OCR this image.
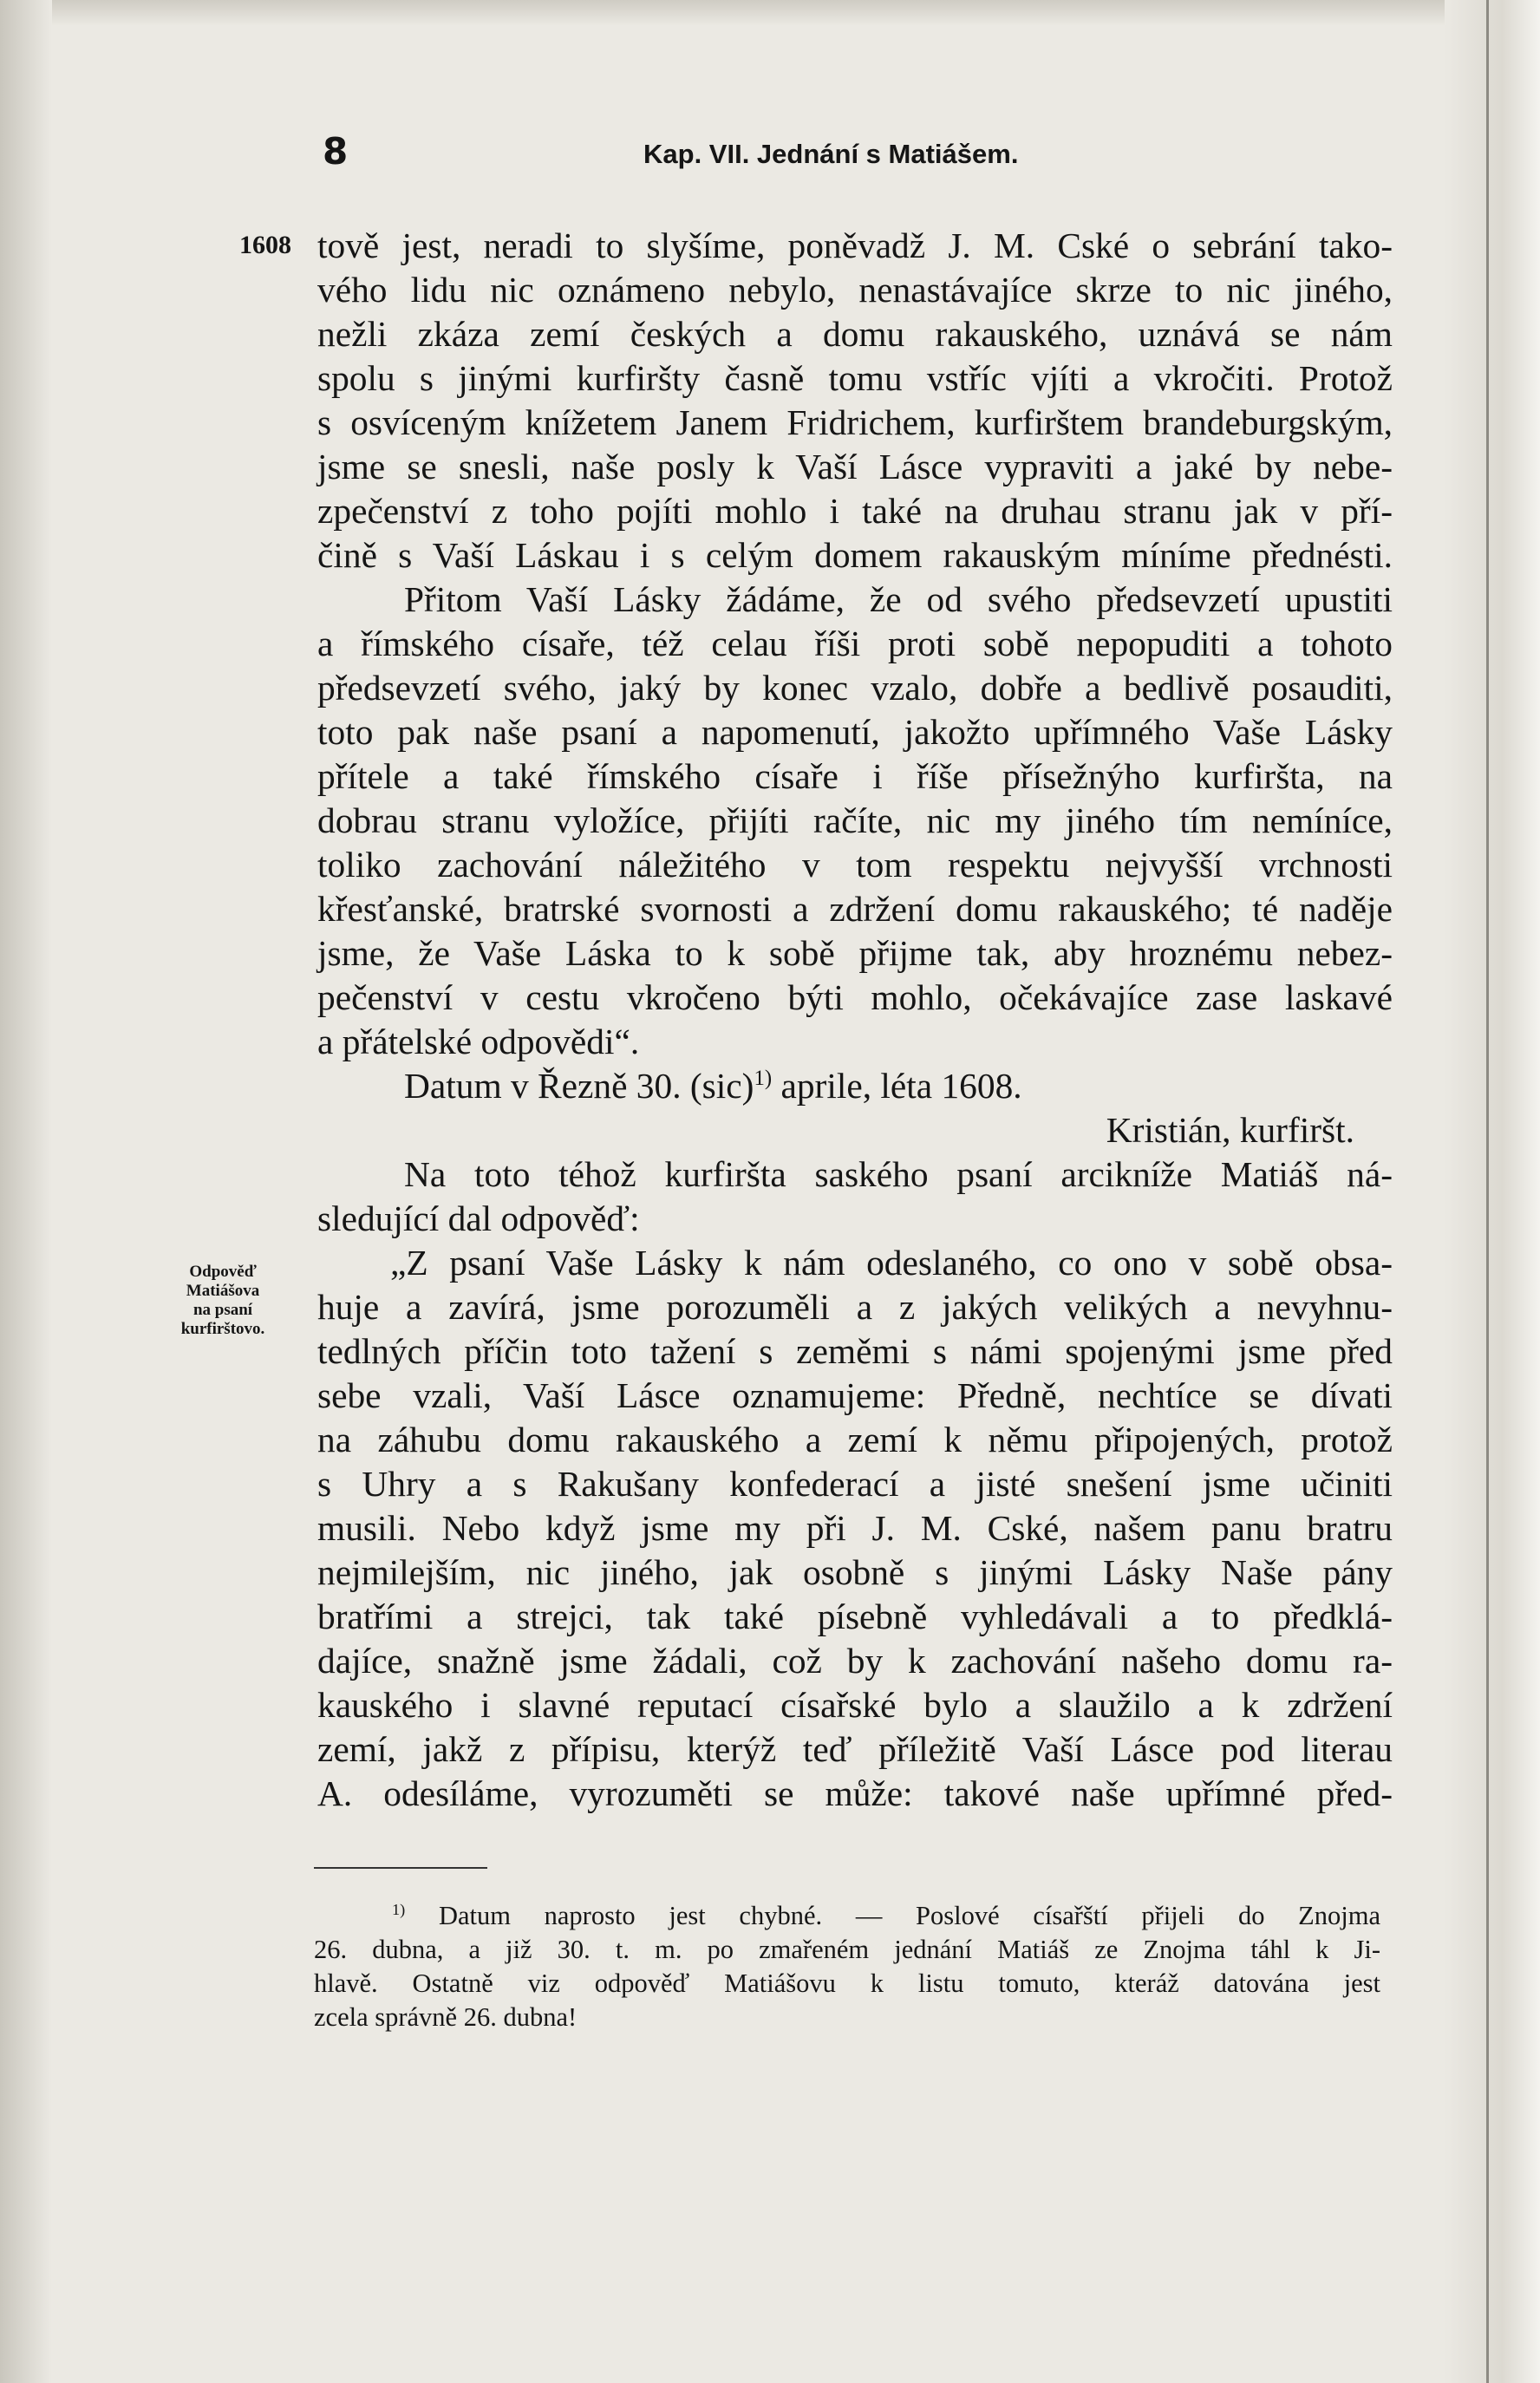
8	Kap. VII. Jednání s Matiášem.
1608
Odpověď
Matiášova
na psaní
kurfirštovo.

tově jest, neradi to slyšíme, poněvadž J. M. Cské o sebrání tako-

vého lidu nic oznámeno nebylo, nenastávajíce skrze to nic jiného,

nežli zkáza zemí českých a domu rakauského, uznává se nám

spolu s jinými kurfiršty časně tomu vstříc vjíti a vkročiti. Protož

s osvíceným knížetem Janem Fridrichem, kurfirštem brandeburgským,

jsme se snesli, naše posly k Vaší Lásce vypraviti a jaké by nebe-

zpečenství z toho pojíti mohlo i také na druhau stranu jak v pří-

čině s Vaší Láskau i s celým domem rakauským míníme přednésti.

Přitom Vaší Lásky žádáme, že od svého předsevzetí upustiti

a římského císaře, též celau říši proti sobě nepopuditi a tohoto

předsevzetí svého, jaký by konec vzalo, dobře a bedlivě posauditi,

toto pak naše psaní a napomenutí, jakožto upřímného Vaše Lásky

přítele a také římského císaře i říše přísežnýho kurfiršta, na

dobrau stranu vyložíce, přijíti račíte, nic my jiného tím nemíníce,

toliko zachování náležitého v tom respektu nejvyšší vrchnosti

křesťanské, bratrské svornosti a zdržení domu rakauského; té naděje

jsme, že Vaše Láska to k sobě přijme tak, aby hroznému nebez-

pečenství v cestu vkročeno býti mohlo, očekávajíce zase laskavé

a přátelské odpovědi“.

Datum v Řezně 30. (sic)$^{1)}$ aprile, léta 1608.

Kristián, kurfiršt.

Na toto téhož kurfiršta saského psaní arcikníže Matiáš ná-

sledující dal odpověď:

„Z psaní Vaše Lásky k nám odeslaného, co ono v sobě obsa-

huje a zavírá, jsme porozuměli a z jakých velikých a nevyhnu-

tedlných příčin toto tažení s zeměmi s námi spojenými jsme před

sebe vzali, Vaší Lásce oznamujeme: Předně, nechtíce se dívati

na záhubu domu rakauského a zemí k němu připojených, protož

s Uhry a s Rakušany konfederací a jisté snešení jsme učiniti

musili. Nebo když jsme my při J. M. Cské, našem panu bratru

nejmilejším, nic jiného, jak osobně s jinými Lásky Naše pány

bratřími a strejci, tak také písebně vyhledávali a to předklá-

dajíce, snažně jsme žádali, což by k zachování našeho domu ra-

kauského i slavné reputací císařské bylo a slaužilo a k zdržení

zemí, jakž z přípisu, kterýž teď příležitě Vaší Lásce pod literau

A. odesíláme, vyrozuměti se může: takové naše upřímné před-

$^{1)}$ Datum naprosto jest chybné. — Poslové císařští přijeli do Znojma

26. dubna, a již 30. t. m. po zmařeném jednání Matiáš ze Znojma táhl k Ji-

hlavě. Ostatně viz odpověď Matiášovu k listu tomuto, kteráž datována jest

zcela správně 26. dubna!
